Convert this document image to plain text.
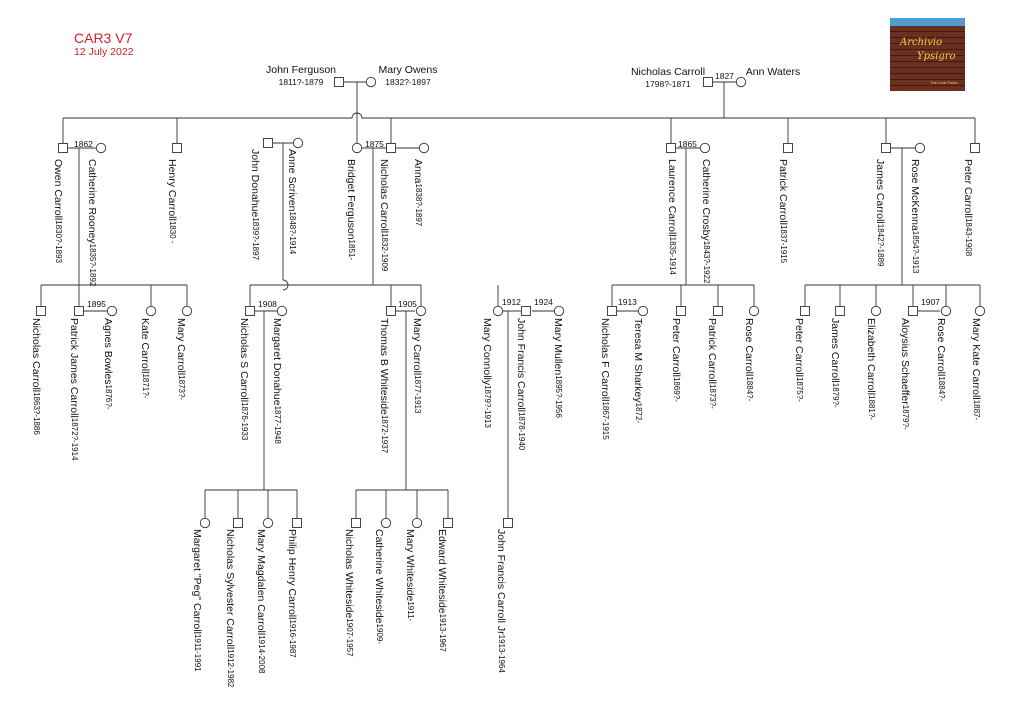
CAR3 V7
12 July 2022
Archivio
Ypsigro
The Coal Patch
John Ferguson
1811?-1879
Mary Owens
1832?-1897
Nicholas Carroll
1798?-1871
Ann Waters
1827
1862	1875	1865
1895	1908	1905	1912 1924	1913	1907
Owen Carroll1830?-1893 Catherine Rooney1835?-1892
Henry Carroll1830 -
John Donahue1839?-1897
Anne Scriven1848?-1914	Bridget Ferguson1851-
Nicholas Carroll1832-1909
Anna1838?-1897	Laurence Carroll1835-1914
Catherine Crosby1843?-1922
Patrick Carroll1837-1915
James Carroll1842?-1889
Rose McKenna1854?-1913
Peter Carroll1843-1908
Nicholas Carroll1863?-1886	Patrick James Carroll1872?-1914
Agnes Bowles1876?-
Kate Carroll1871?-
Mary Carroll1873?-	Nicholas S Carroll1876-1933
Margaret Donahue1877-1948
Thomas B Whiteside1872-1937
Mary Carroll1877-1913
Mary Connolly1879?-1913 John Francis Carroll1878-1940
Mary Mullen1895?-1956	Nicholas F Carroll1867-1915
Teresa M Sharkey1872-
Peter Carroll1869?-
Patrick Carroll1873?-
Rose Carroll1884?-
Peter Carroll1875?-
James Carroll1879?-
Elizabeth Carroll1881?-
Aloysius Schaeffer1879?-
Rose Carroll1884?- Mary Kate Carroll1887-
Margaret "Peg" Carroll1911-1991
Nicholas Sylvester Carroll1912-1982
Mary Magdalen Carroll1914-2008
Philip Henry Carroll1916-1987
Nicholas Whiteside1907-1957
Catherine Whiteside1909-
Mary Whiteside1911- Edward Whiteside1913-1967	John Francis Carroll Jr1913-1964
